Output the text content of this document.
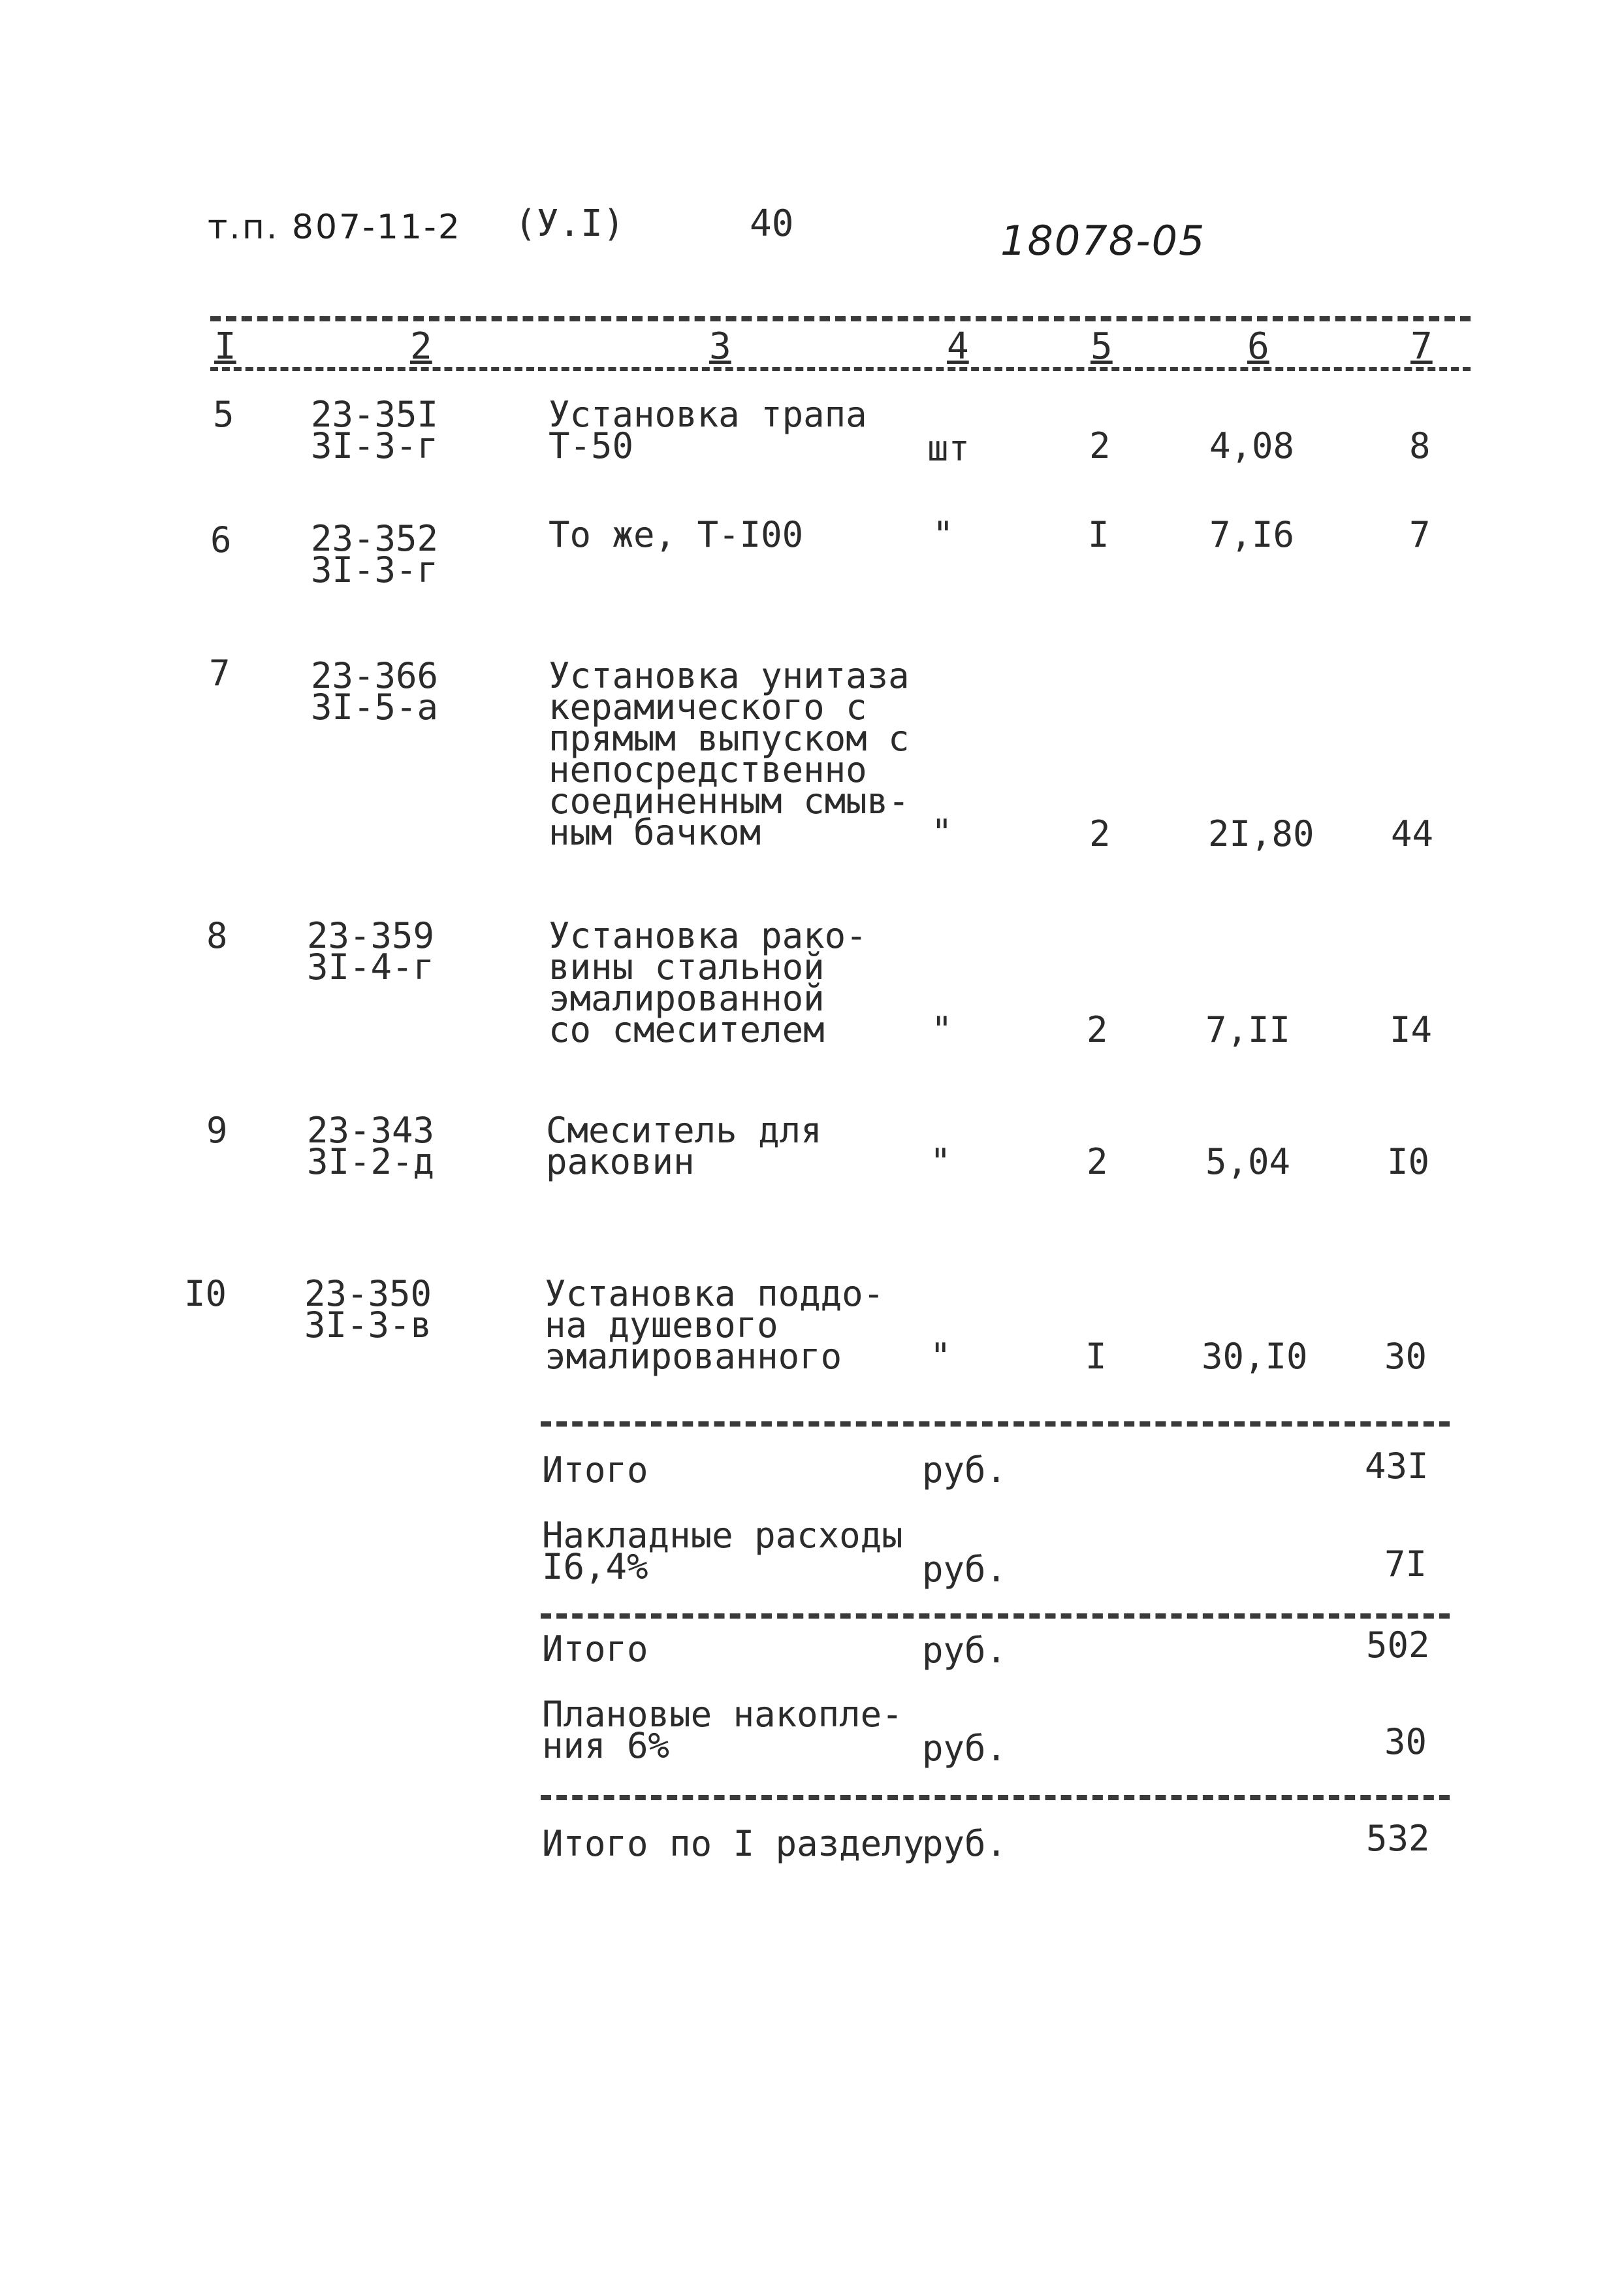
т.п. 807-11-2 (У.I)	40	18078-05
I	2	3	4	5	6	7
5 23-35I
3I-3-г
Установка трапа
Т-50	шт	2	4,08	8
6 23-352
3I-3-г
То же, Т-I00	"	I	7,I6	7
7 23-366
3I-5-а
Установка унитаза
керамического с
прямым выпуском с
непосредственно
соединенным смыв-
ным бачком	"	2	2I,80 44
8 23-359
3I-4-г
Установка рако-
вины стальной
эмалированной
со смесителем	"	2	7,II	I4
9 23-343
3I-2-д
Смеситель для
раковин	"	2	5,04	I0
I0 23-350
3I-3-в
Установка поддо-
на душевого
эмалированного "	I	30,I0 30
Итого	руб.	43I
Накладные расходы
I6,4%	руб.	7I
Итого	руб.	502
Плановые накопле-
ния 6%	руб.	30
Итого по I разделу
руб.	532
